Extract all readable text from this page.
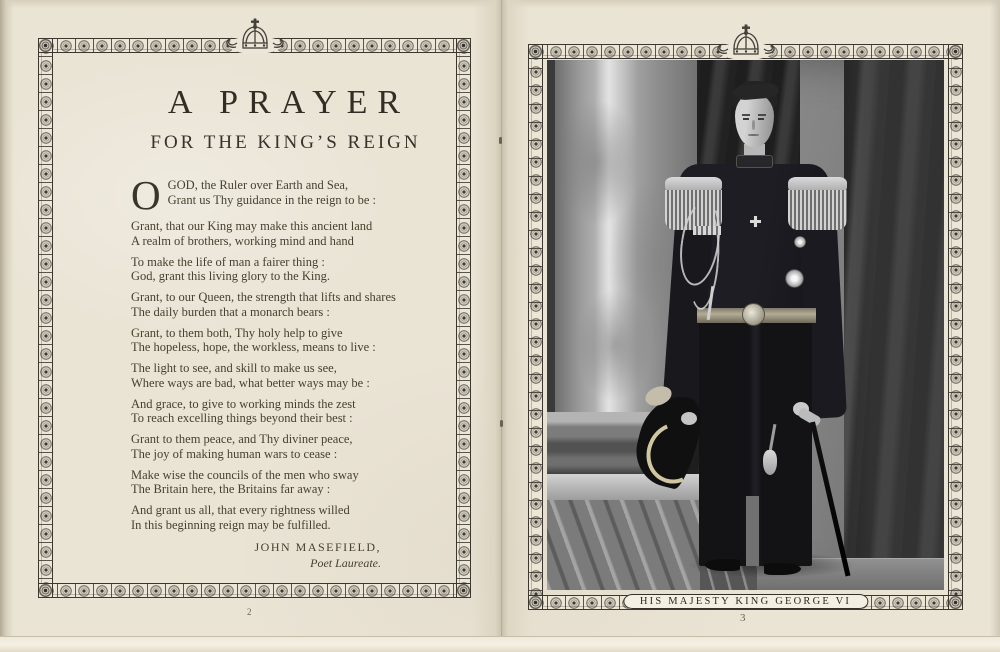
A PRAYER
FOR THE KING’S REIGN
O GOD, the Ruler over Earth and Sea,
Grant us Thy guidance in the reign to be :
Grant, that our King may make this ancient land
A realm of brothers, working mind and hand
To make the life of man a fairer thing :
God, grant this living glory to the King.
Grant, to our Queen, the strength that lifts and shares
The daily burden that a monarch bears :
Grant, to them both, Thy holy help to give
The hopeless, hope, the workless, means to live :
The light to see, and skill to make us see,
Where ways are bad, what better ways may be :
And grace, to give to working minds the zest
To reach excelling things beyond their best :
Grant to them peace, and Thy diviner peace,
The joy of making human wars to cease :
Make wise the councils of the men who sway
The Britain here, the Britains far away :
And grant us all, that every rightness willed
In this beginning reign may be fulfilled.
JOHN MASEFIELD,
Poet Laureate.
2
HIS MAJESTY KING GEORGE VI
3
